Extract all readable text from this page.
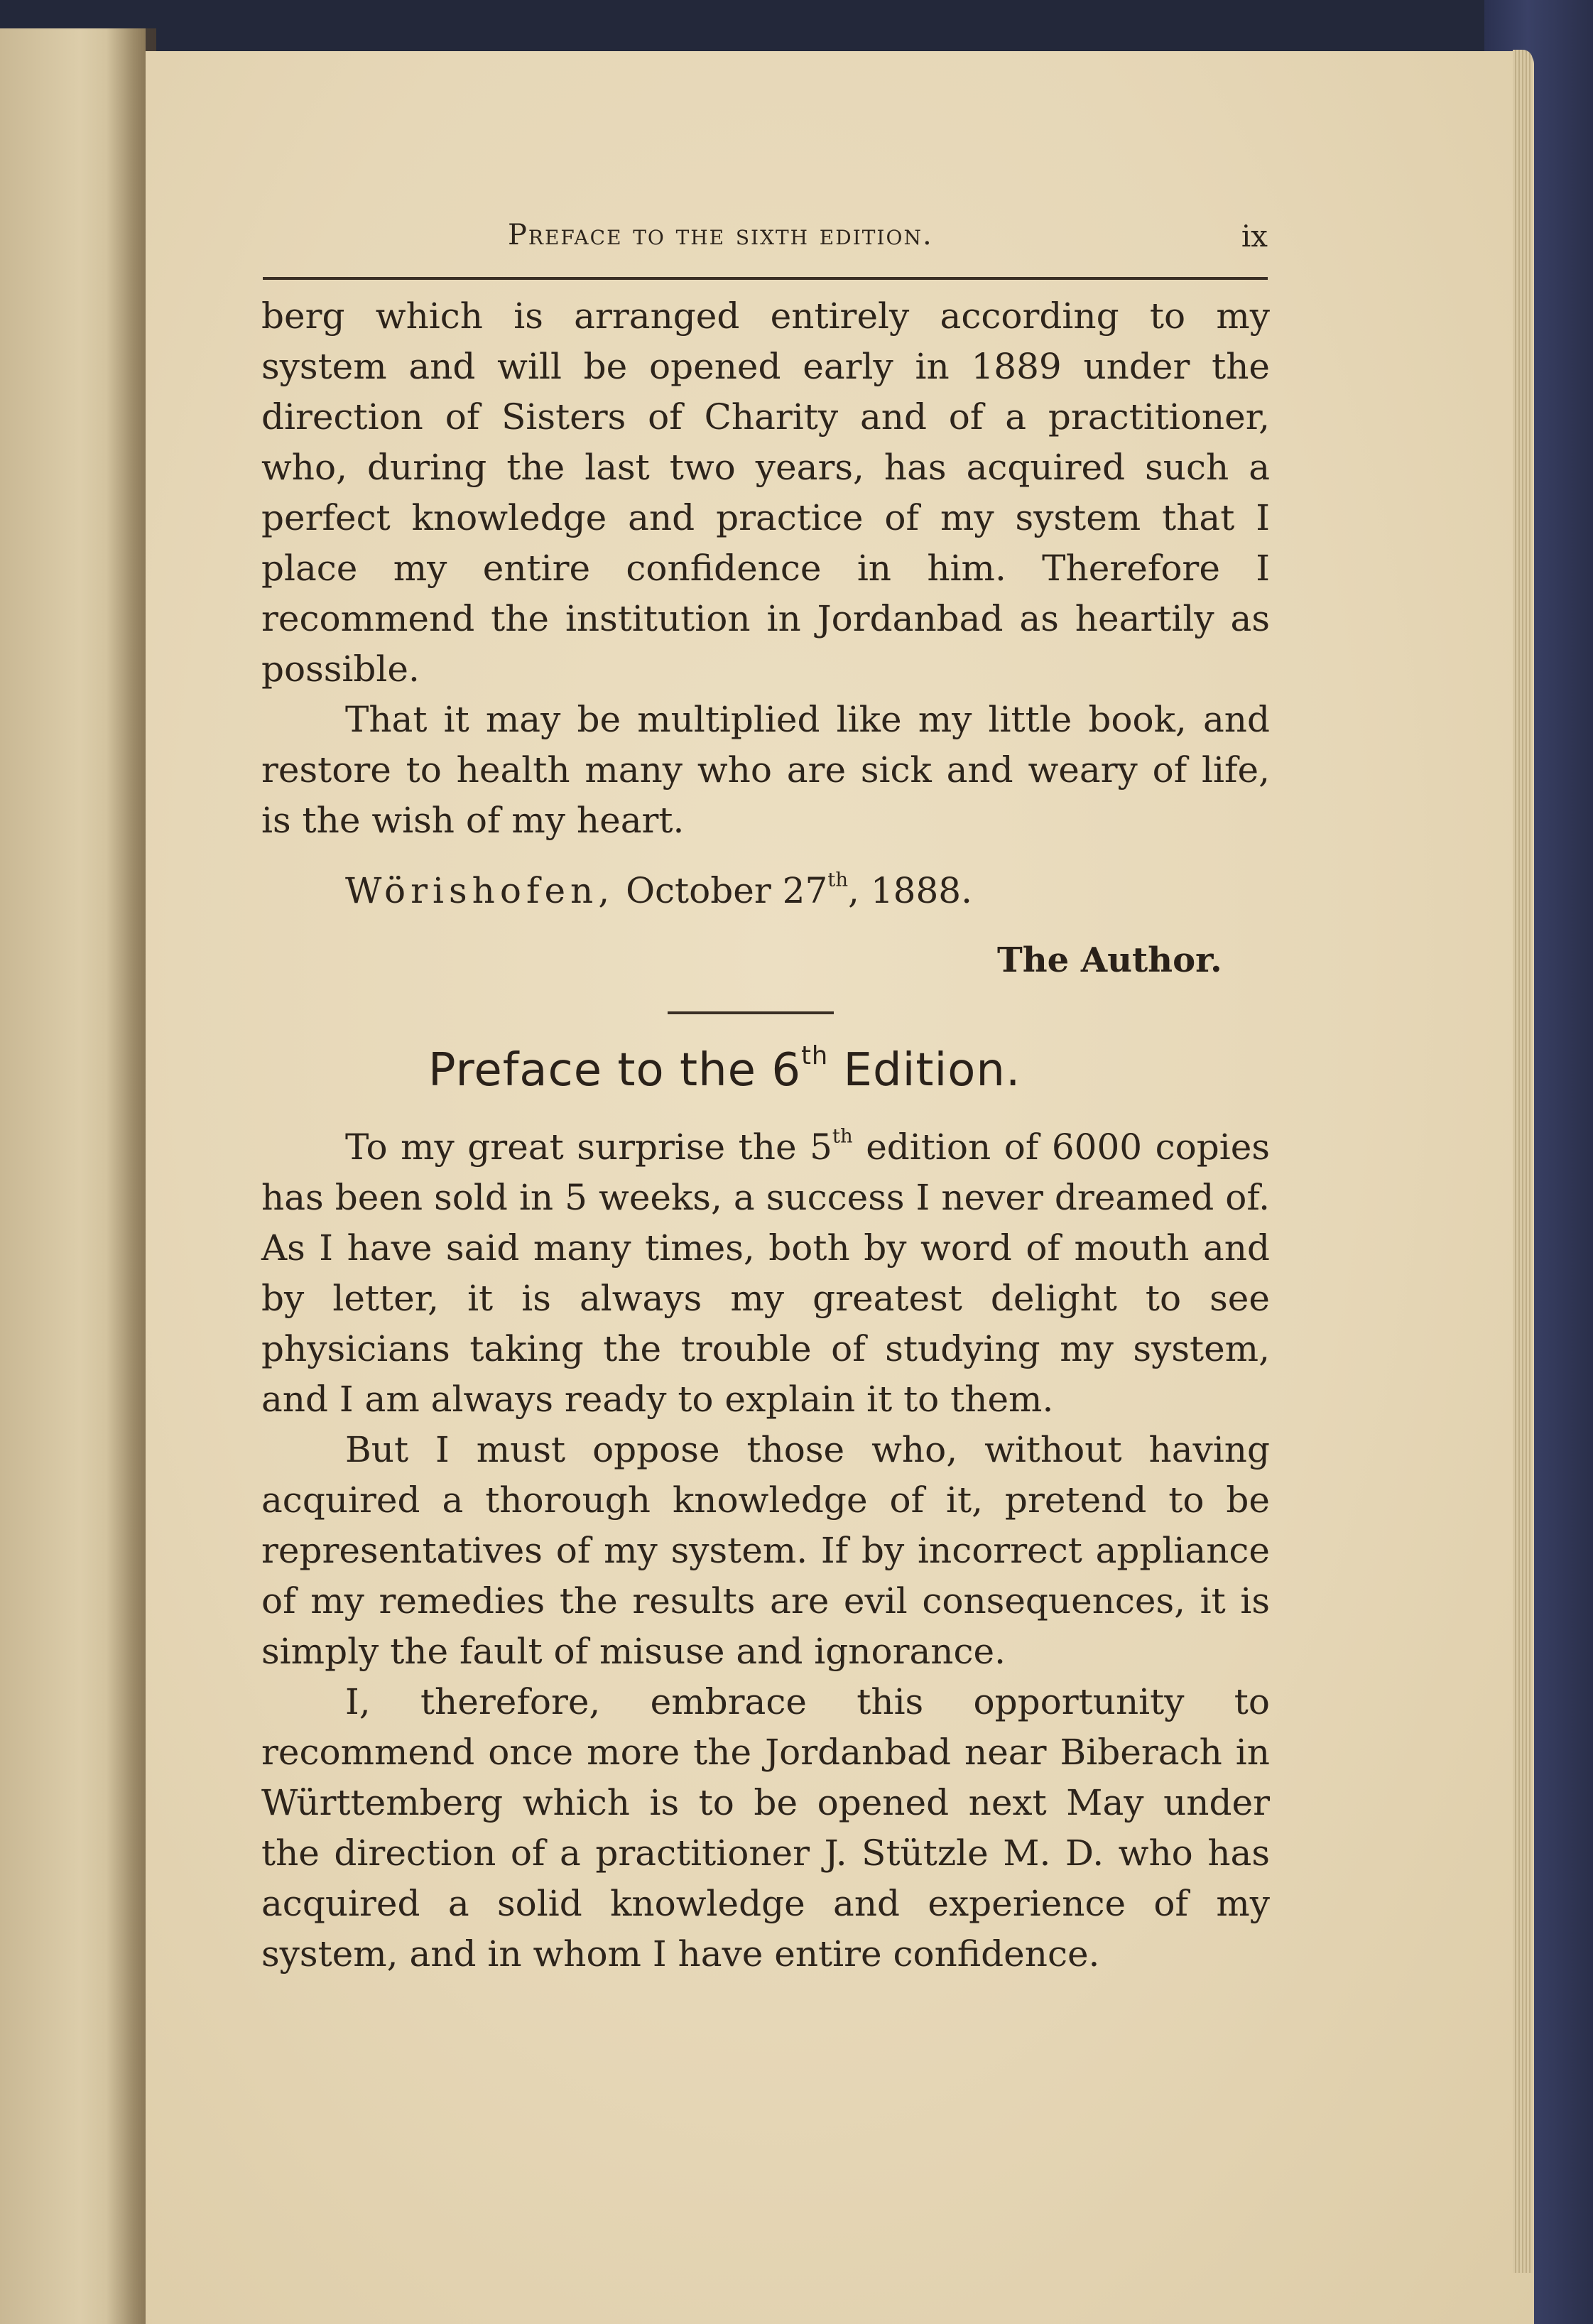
Preface to the sixth edition.	ix

berg which is arranged entirely according to my system and will be opened early in 1889 under the direction of Sisters of Charity and of a practitioner, who, during the last two years, has acquired such a perfect knowledge and practice of my system that I place my entire confidence in him. Therefore I recommend the institution in Jordanbad as heartily as possible.

That it may be multiplied like my little book, and restore to health many who are sick and weary of life, is the wish of my heart.

Wörishofen, October 27th, 1888.
The Author.
Preface to the 6th Edition.

To my great surprise the 5th edition of 6000 copies has been sold in 5 weeks, a success I never dreamed of. As I have said many times, both by word of mouth and by letter, it is always my greatest delight to see physicians taking the trouble of studying my system, and I am always ready to explain it to them.

But I must oppose those who, without having acquired a thorough knowledge of it, pretend to be representatives of my system. If by incorrect appliance of my remedies the results are evil consequences, it is simply the fault of misuse and ignorance.

I, therefore, embrace this opportunity to recommend once more the Jordanbad near Biberach in Württemberg which is to be opened next May under the direction of a practitioner J. Stützle M. D. who has acquired a solid knowledge and experience of my system, and in whom I have entire confidence.
